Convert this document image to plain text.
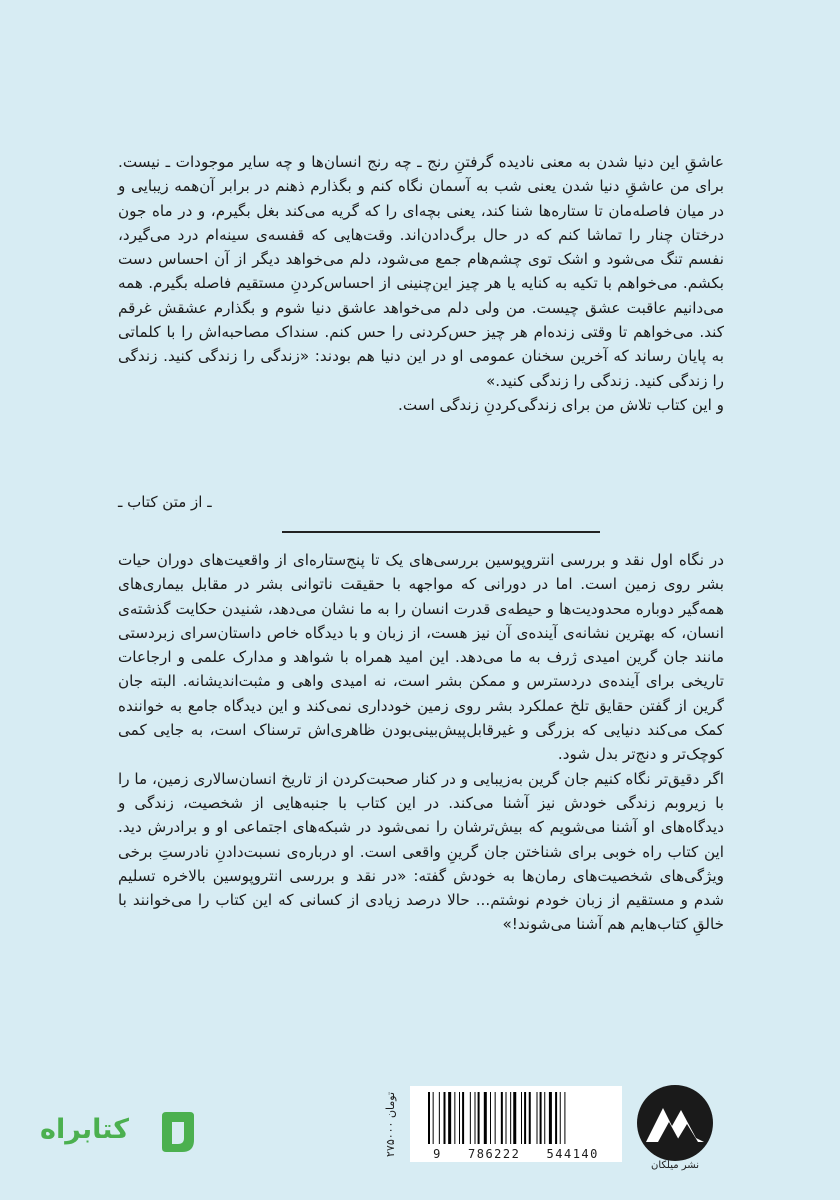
عاشقِ این دنیا شدن به معنی نادیده گرفتنِ رنج ـ چه رنج انسان‌ها و چه سایر موجودات ـ نیست. برای من عاشقِ دنیا شدن یعنی شب به آسمان نگاه کنم و بگذارم ذهنم در برابر آن‌همه زیبایی و در میان فاصله‌مان تا ستاره‌ها شنا کند، یعنی بچه‌ای را که گریه می‌کند بغل بگیرم، و در ماه جون درختان چنار را تماشا کنم که در حال برگ‌دادن‌اند. وقت‌هایی که قفسه‌ی سینه‌ام درد می‌گیرد، نفسم تنگ می‌شود و اشک توی چشم‌هام جمع می‌شود، دلم می‌خواهد دیگر از آن احساس دست بکشم. می‌خواهم با تکیه به کنایه یا هر چیز این‌چنینی از احساس‌کردنِ مستقیم فاصله بگیرم. همه می‌دانیم عاقبت عشق چیست. من ولی دلم می‌خواهد عاشق دنیا شوم و بگذارم عشقش غرقم کند. می‌خواهم تا وقتی زنده‌ام هر چیز حس‌کردنی را حس کنم. سنداک مصاحبه‌اش را با کلماتی به پایان رساند که آخرین سخنان عمومی او در این دنیا هم بودند: «زندگی را زندگی کنید. زندگی را زندگی کنید. زندگی را زندگی کنید.»

و این کتاب تلاش من برای زندگی‌کردنِ زندگی است.

ـ از متن کتاب ـ

در نگاه اول نقد و بررسی انتروپوسین بررسی‌های یک تا پنج‌ستاره‌ای از واقعیت‌های دوران حیات بشر روی زمین است. اما در دورانی که مواجهه با حقیقت ناتوانی بشر در مقابل بیماری‌های همه‌گیر دوباره محدودیت‌ها و حیطه‌ی قدرت انسان را به ما نشان می‌دهد، شنیدن حکایت گذشته‌ی انسان، که بهترین نشانه‌ی آینده‌ی آن نیز هست، از زبان و با دیدگاه خاص داستان‌سرای زبردستی مانند جان گرین امیدی ژرف به ما می‌دهد. این امید همراه با شواهد و مدارک علمی و ارجاعات تاریخی برای آینده‌ی دردسترس و ممکن بشر است، نه امیدی واهی و مثبت‌اندیشانه. البته جان گرین از گفتن حقایق تلخ عملکرد بشر روی زمین خودداری نمی‌کند و این دیدگاه جامع به خواننده کمک می‌کند دنیایی که بزرگی و غیرقابل‌پیش‌بینی‌بودن ظاهری‌اش ترسناک است، به جایی کمی کوچک‌تر و دنج‌تر بدل شود.

اگر دقیق‌تر نگاه کنیم جان گرین به‌زیبایی و در کنار صحبت‌کردن از تاریخ انسان‌سالاری زمین، ما را با زیروبم زندگی خودش نیز آشنا می‌کند. در این کتاب با جنبه‌هایی از شخصیت، زندگی و دیدگاه‌های او آشنا می‌شویم که بیش‌ترشان را نمی‌شود در شبکه‌های اجتماعی او و برادرش دید. این کتاب راه خوبی برای شناختن جان گرینِ واقعی است. او درباره‌ی نسبت‌دادنِ نادرستِ برخی ویژگی‌های شخصیت‌های رمان‌ها به خودش گفته: «در نقد و بررسی انتروپوسین بالاخره تسلیم شدم و مستقیم از زبان خودم نوشتم... حالا درصد زیادی از کسانی که این کتاب را می‌خوانند با خالقِ کتاب‌هایم هم آشنا می‌شوند!»

نشر میلکان
9   786222   544140
۲۷۵۰۰۰ تومان
کتابراه
